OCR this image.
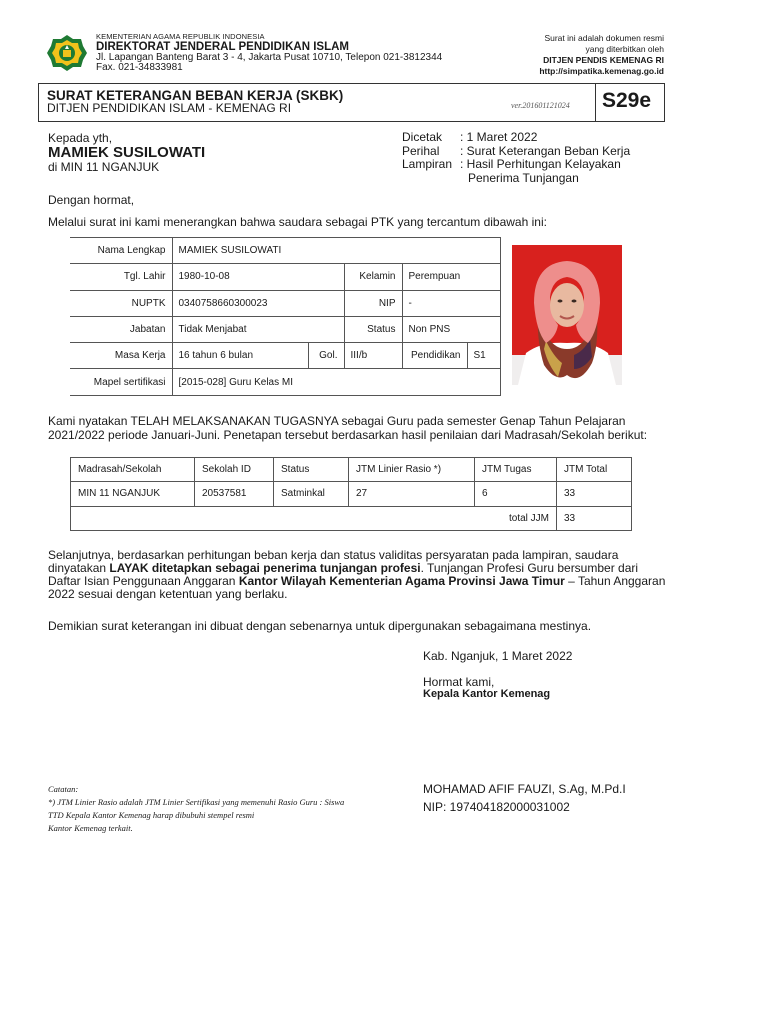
KEMENTERIAN AGAMA REPUBLIK INDONESIA
DIREKTORAT JENDERAL PENDIDIKAN ISLAM
Jl. Lapangan Banteng Barat 3 - 4, Jakarta Pusat 10710, Telepon 021-3812344
Fax. 021-34833981
Surat ini adalah dokumen resmi
yang diterbitkan oleh
DITJEN PENDIS KEMENAG RI
http://simpatika.kemenag.go.id
SURAT KETERANGAN BEBAN KERJA (SKBK)
DITJEN PENDIDIKAN ISLAM - KEMENAG RI	ver.201601121024 S29e
Kepada yth,
MAMIEK SUSILOWATI
di MIN 11 NGANJUK
Dicetak	: 1 Maret 2022
Perihal	: Surat Keterangan Beban Kerja
Lampiran : Hasil Perhitungan Kelayakan
Penerima Tunjangan
Dengan hormat,
Melalui surat ini kami menerangkan bahwa saudara sebagai PTK yang tercantum dibawah ini:
Nama Lengkap	MAMIEK SUSILOWATI				
Tgl. Lahir	1980-10-08		Kelamin	Perempuan	
NUPTK	0340758660300023		NIP	-	
Jabatan	Tidak Menjabat		Status	Non PNS	
Masa Kerja	16 tahun 6 bulan	Gol.	III/b	Pendidikan	S1
Mapel sertifikasi	[2015-028] Guru Kelas MI				
Kami nyatakan TELAH MELAKSANAKAN TUGASNYA sebagai Guru pada semester Genap Tahun Pelajaran 2021/2022 periode Januari-Juni. Penetapan tersebut berdasarkan hasil penilaian dari Madrasah/Sekolah berikut:
Madrasah/Sekolah	Sekolah ID	Status	JTM Linier Rasio *)	JTM Tugas	JTM Total
MIN 11 NGANJUK	20537581	Satminkal	27	6	33
total JJM					33
Selanjutnya, berdasarkan perhitungan beban kerja dan status validitas persyaratan pada lampiran, saudara dinyatakan LAYAK ditetapkan sebagai penerima tunjangan profesi. Tunjangan Profesi Guru bersumber dari Daftar Isian Penggunaan Anggaran Kantor Wilayah Kementerian Agama Provinsi Jawa Timur – Tahun Anggaran 2022 sesuai dengan ketentuan yang berlaku.
Demikian surat keterangan ini dibuat dengan sebenarnya untuk dipergunakan sebagaimana mestinya.
Kab. Nganjuk, 1 Maret 2022
Hormat kami,
Kepala Kantor Kemenag
MOHAMAD AFIF FAUZI, S.Ag, M.Pd.I
NIP: 197404182000031002
Catatan:
*) JTM Linier Rasio adalah JTM Linier Sertifikasi yang memenuhi Rasio Guru : Siswa
TTD Kepala Kantor Kemenag harap dibubuhi stempel resmi
Kantor Kemenag terkait.
